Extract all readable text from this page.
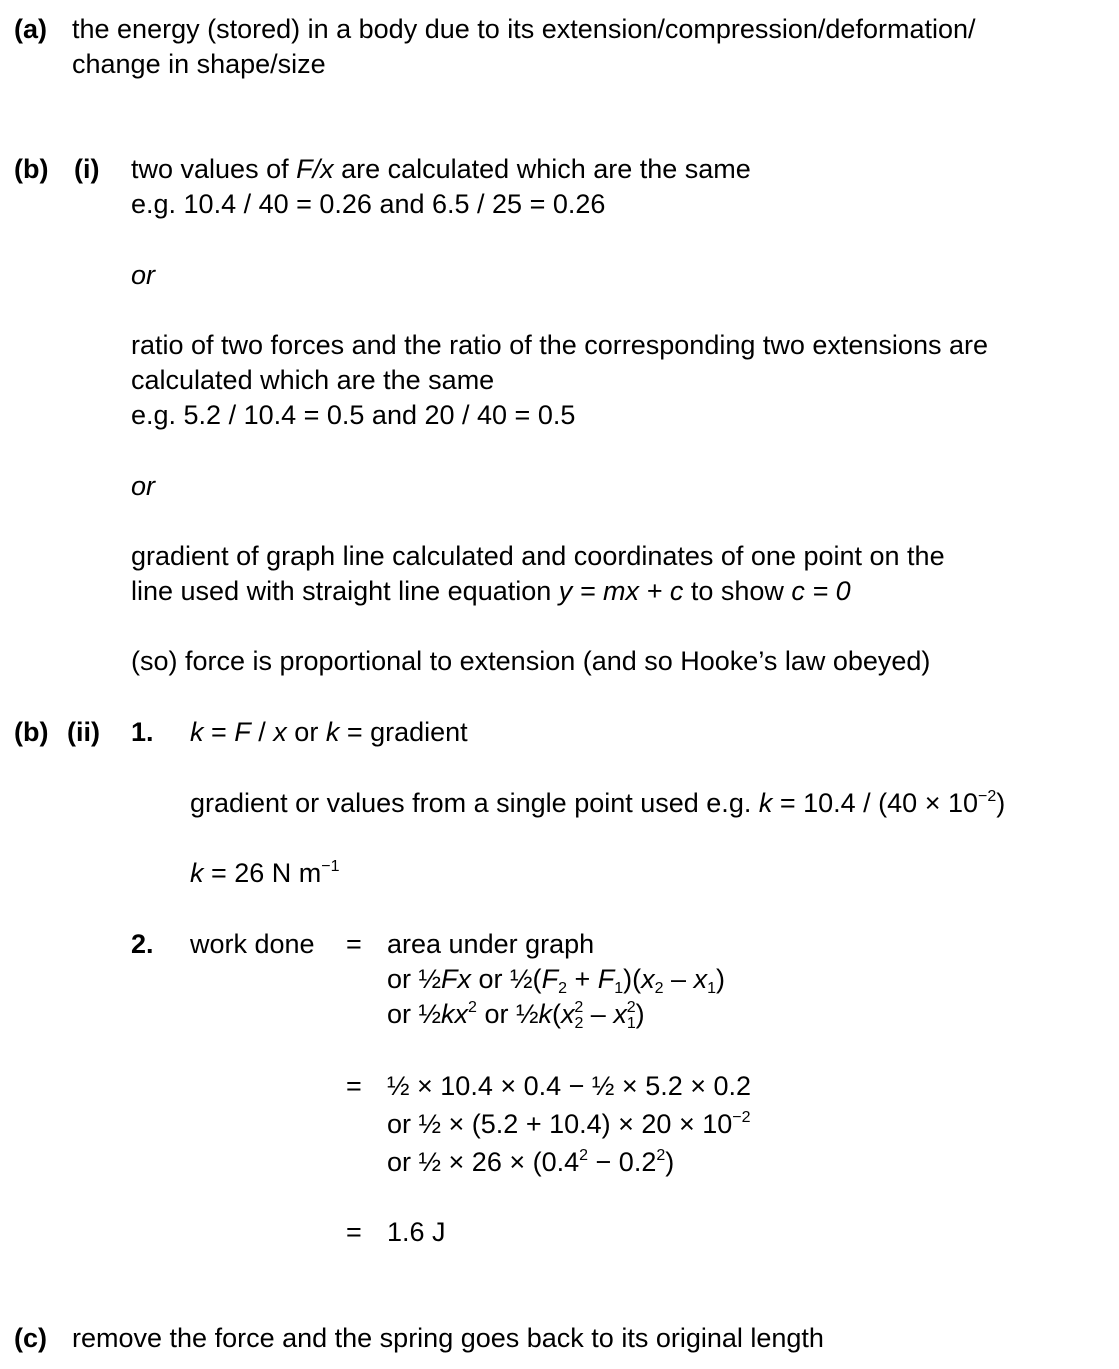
(a) the energy (stored) in a body due to its extension/compression/deformation/
change in shape/size
(b) (i) two values of F/x are calculated which are the same
e.g. 10.4 / 40 = 0.26 and 6.5 / 25 = 0.26
or
ratio of two forces and the ratio of the corresponding two extensions are
calculated which are the same
e.g. 5.2 / 10.4 = 0.5 and 20 / 40 = 0.5
or
gradient of graph line calculated and coordinates of one point on the
line used with straight line equation y = mx + c to show c = 0
(so) force is proportional to extension (and so Hooke’s law obeyed)
(b) (ii) 1. k = F / x or k = gradient
gradient or values from a single point used e.g. $k = 10.4 / (40 \times 10^{-2})$
k = 26 N $m^{-1}$
2. work done = area under graph
or ½Fx or $\frac{1}{2}(F_2 + F_1)(x_2 - x_1)$
or $\frac{1}{2}kx^2$ or $\frac{1}{2}k(x_2^2 - x_1^2)$
= ½ × 10.4 × 0.4 − ½ × 5.2 × 0.2
or ½ × $(5.2 + 10.4) \times 20 \times 10^{-2}$
or ½ × $26 \times (0.4^2 - 0.2^2)$
= 1.6 J
(c) remove the force and the spring goes back to its original length
